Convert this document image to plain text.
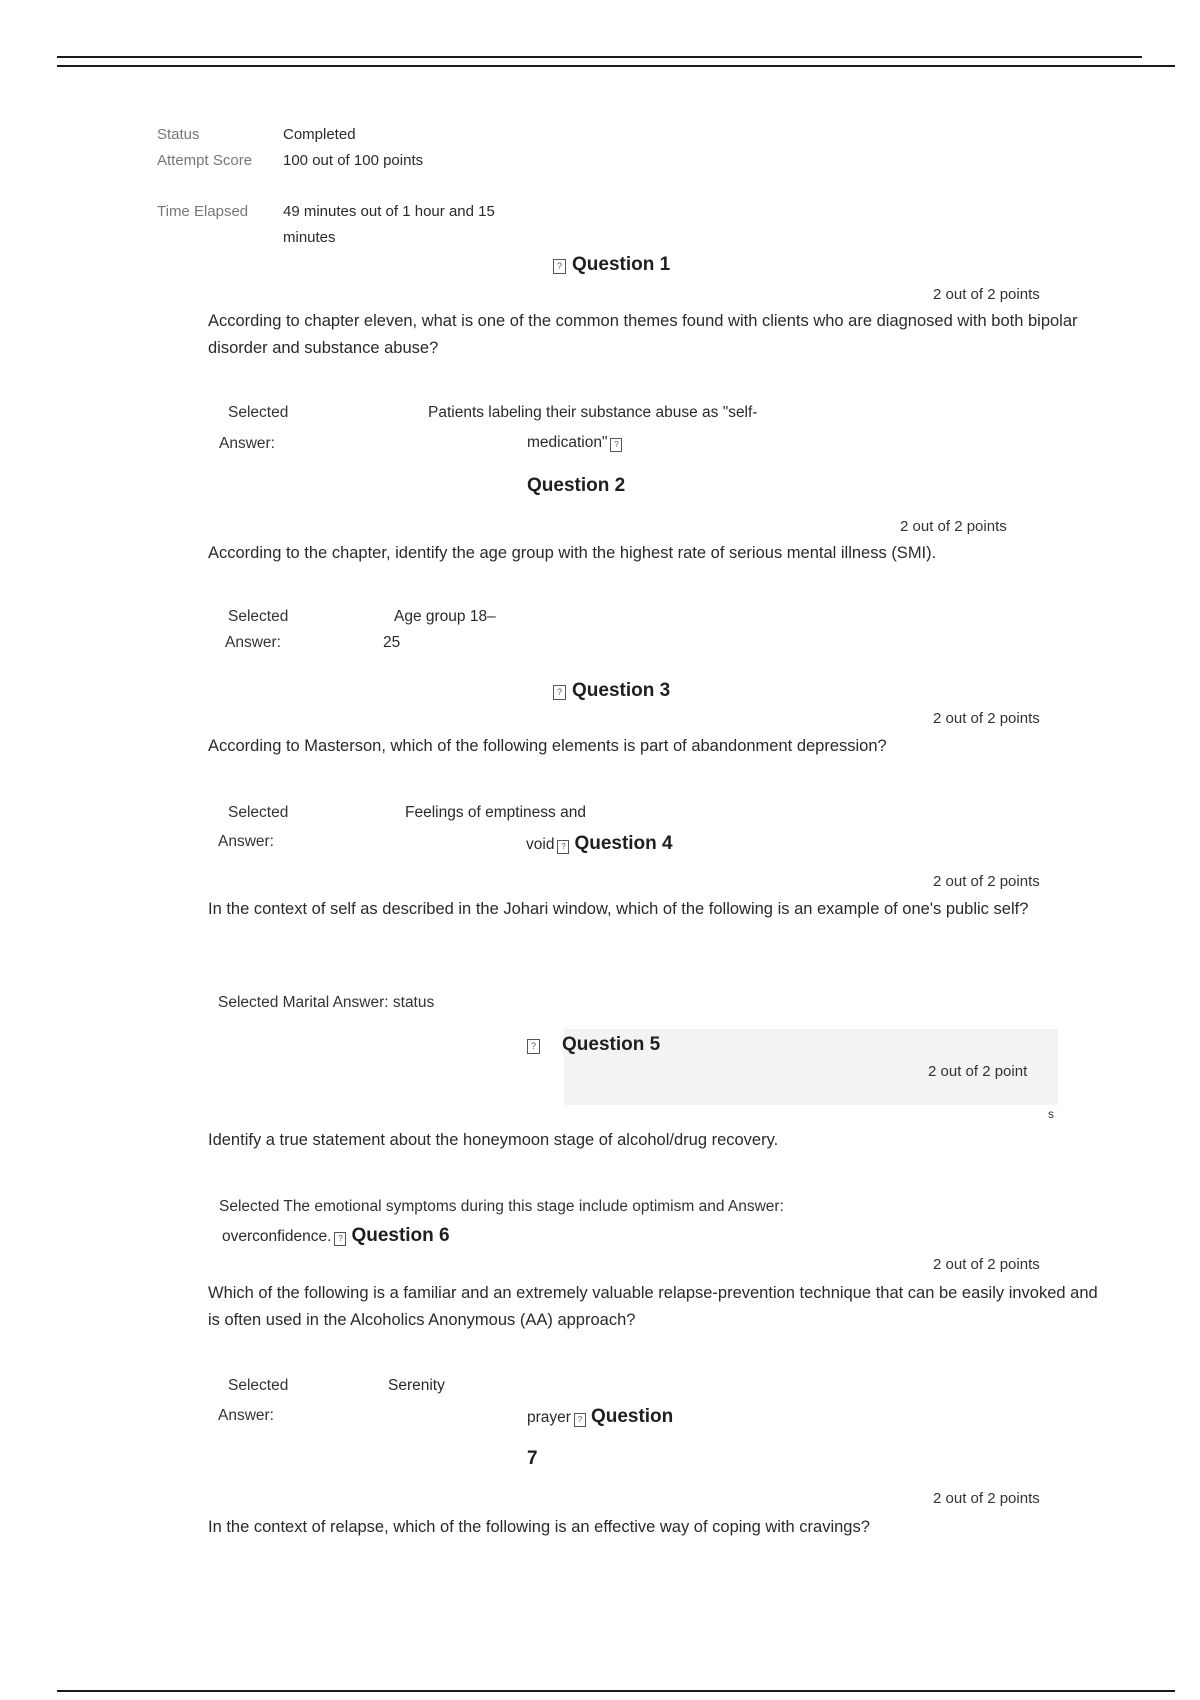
Status	Completed
Attempt Score 100 out of 100 points
Time Elapsed 49 minutes out of 1 hour and 15
minutes
? Question 1
2 out of 2 points
According to chapter eleven, what is one of the common themes found with clients who are diagnosed with both bipolar disorder and substance abuse?
Selected
Answer:
Patients labeling their substance abuse as "self-
medication" ?
Question 2
2 out of 2 points
According to the chapter, identify the age group with the highest rate of serious mental illness (SMI).
Selected
Answer:
Age group 18–
25
? Question 3
2 out of 2 points
According to Masterson, which of the following elements is part of abandonment depression?
Selected
Answer:
Feelings of emptiness and
void ? Question 4
2 out of 2 points
In the context of self as described in the Johari window, which of the following is an example of one's public self?
Selected Marital Answer: status
? Question 5
2 out of 2 point
s
Identify a true statement about the honeymoon stage of alcohol/drug recovery.
Selected The emotional symptoms during this stage include optimism and Answer:
overconfidence. ? Question 6
2 out of 2 points
Which of the following is a familiar and an extremely valuable relapse-prevention technique that can be easily invoked and is often used in the Alcoholics Anonymous (AA) approach?
Selected
Answer:
Serenity
prayer ? Question
7
2 out of 2 points
In the context of relapse, which of the following is an effective way of coping with cravings?
